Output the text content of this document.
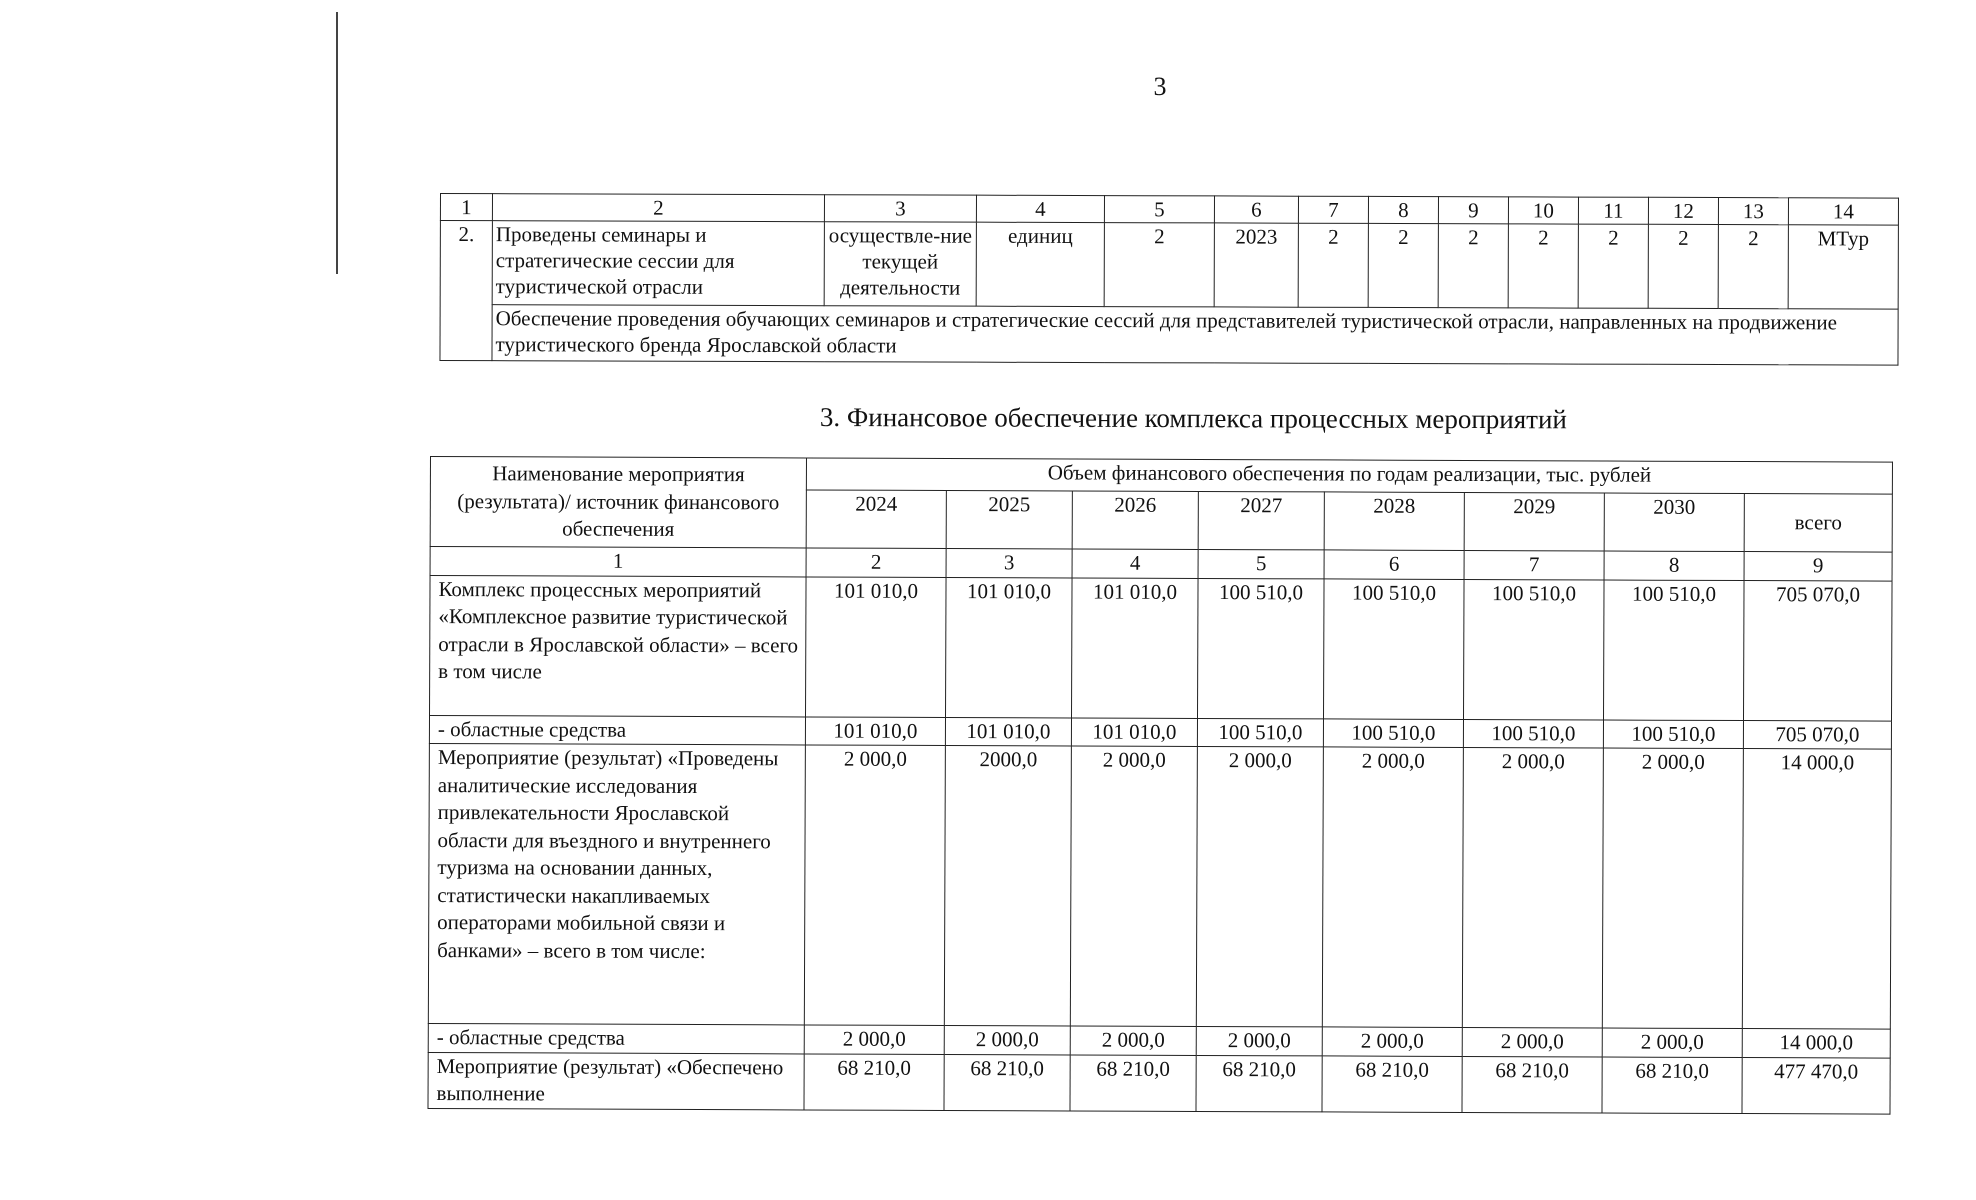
3
1	2	3	4	5	6	7	8	9	10	11	12	13	14
2.	Проведены семинары и стратегические сессии для туристической отрасли	осуществле-ние текущей деятельности	единиц	2	2023	2	2	2	2	2	2	2	МТур
	Обеспечение проведения обучающих семинаров и стратегические сессий для представителей туристической отрасли, направленных на продвижение туристического бренда Ярославской области												
3. Финансовое обеспечение комплекса процессных мероприятий
Наименование мероприятия (результата)/ источник финансового обеспечения	Объем финансового обеспечения по годам реализации, тыс. рублей							
	2024	2025	2026	2027	2028	2029	2030	всего
1	2	3	4	5	6	7	8	9
Комплекс процессных мероприятий «Комплексное развитие туристической отрасли в Ярославской области» – всего в том числе	101 010,0	101 010,0	101 010,0	100 510,0	100 510,0	100 510,0	100 510,0	705 070,0
- областные средства	101 010,0	101 010,0	101 010,0	100 510,0	100 510,0	100 510,0	100 510,0	705 070,0
Мероприятие (результат) «Проведены аналитические исследования привлекательности Ярославской области для въездного и внутреннего туризма на основании данных, статистически накапливаемых операторами мобильной связи и банками» – всего в том числе:	2 000,0	2000,0	2 000,0	2 000,0	2 000,0	2 000,0	2 000,0	14 000,0
- областные средства	2 000,0	2 000,0	2 000,0	2 000,0	2 000,0	2 000,0	2 000,0	14 000,0
Мероприятие (результат) «Обеспечено выполнение	68 210,0	68 210,0	68 210,0	68 210,0	68 210,0	68 210,0	68 210,0	477 470,0
